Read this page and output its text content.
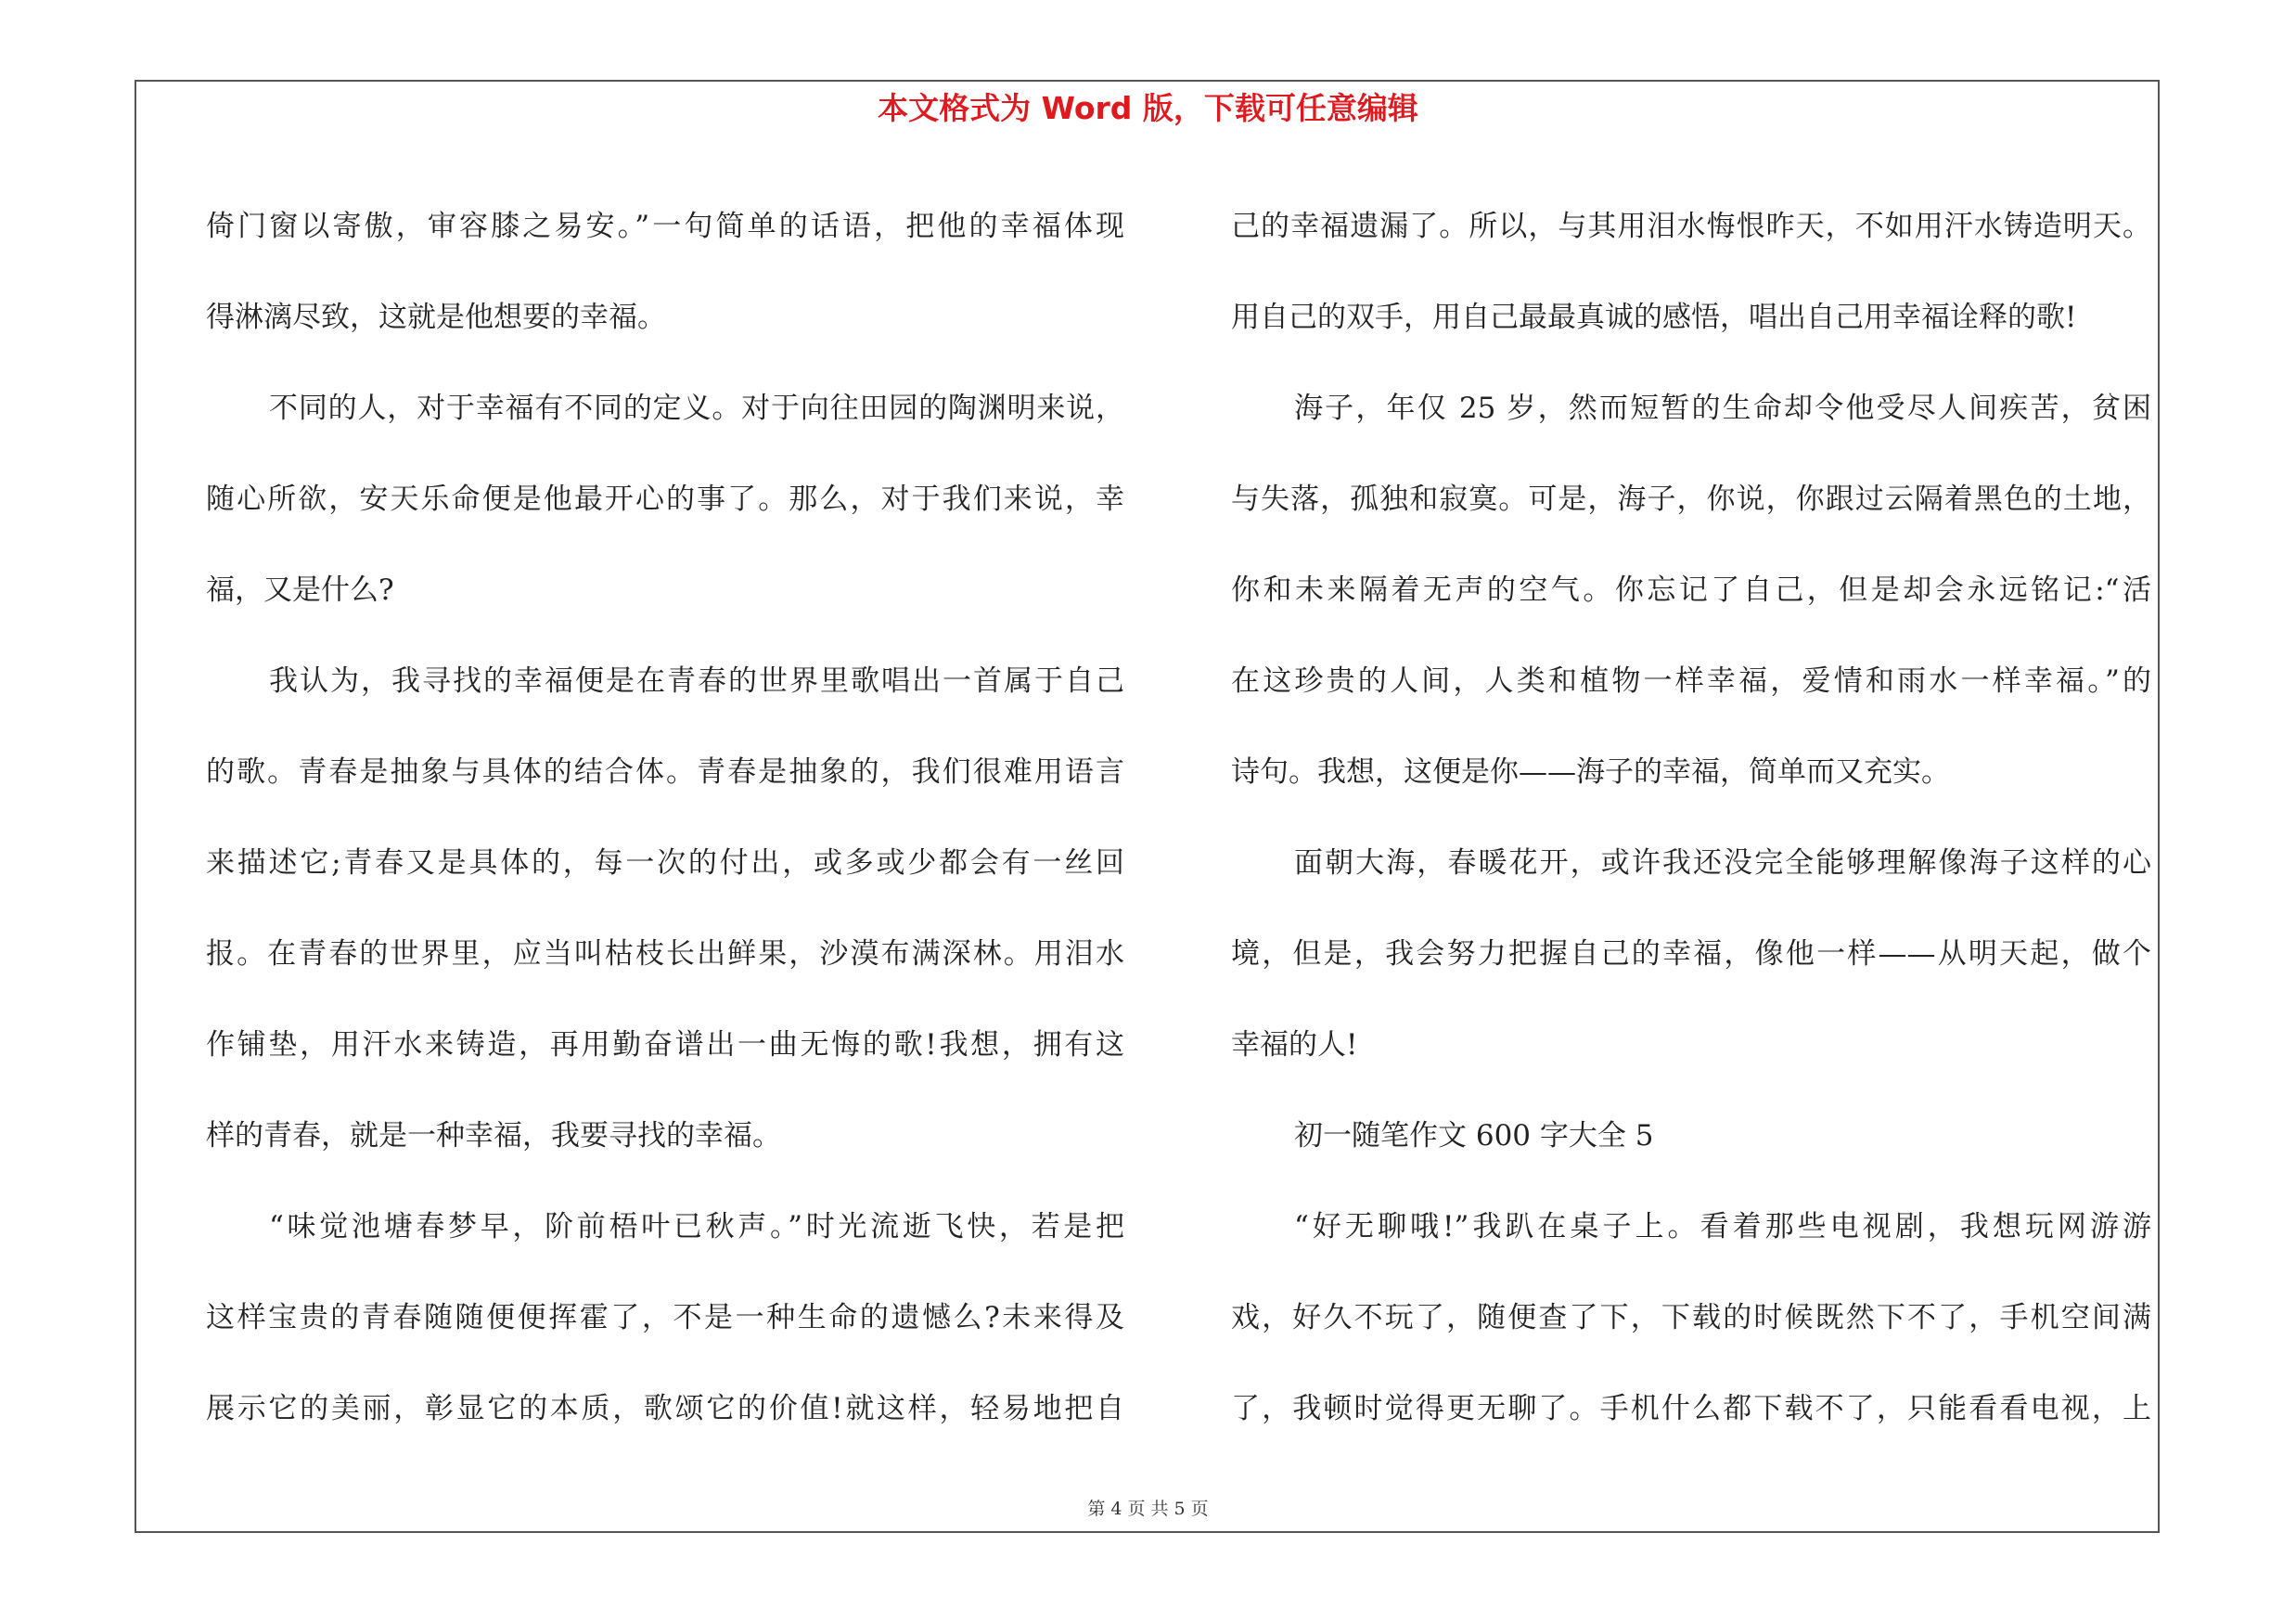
本文格式为 Word 版，下载可任意编辑

倚门窗以寄傲，审容膝之易安。”一句简单的话语，把他的幸福体现

得淋漓尽致，这就是他想要的幸福。

不同的人，对于幸福有不同的定义。对于向往田园的陶渊明来说，

随心所欲，安天乐命便是他最开心的事了。那么，对于我们来说，幸

福，又是什么?

我认为，我寻找的幸福便是在青春的世界里歌唱出一首属于自己

的歌。青春是抽象与具体的结合体。青春是抽象的，我们很难用语言

来描述它;青春又是具体的，每一次的付出，或多或少都会有一丝回

报。在青春的世界里，应当叫枯枝长出鲜果，沙漠布满深林。用泪水

作铺垫，用汗水来铸造，再用勤奋谱出一曲无悔的歌!我想，拥有这

样的青春，就是一种幸福，我要寻找的幸福。

“味觉池塘春梦早，阶前梧叶已秋声。”时光流逝飞快，若是把

这样宝贵的青春随随便便挥霍了，不是一种生命的遗憾么?未来得及

展示它的美丽，彰显它的本质，歌颂它的价值!就这样，轻易地把自

己的幸福遗漏了。所以，与其用泪水悔恨昨天，不如用汗水铸造明天。

用自己的双手，用自己最最真诚的感悟，唱出自己用幸福诠释的歌!

海子，年仅 25 岁，然而短暂的生命却令他受尽人间疾苦，贫困

与失落，孤独和寂寞。可是，海子，你说，你跟过云隔着黑色的土地，

你和未来隔着无声的空气。你忘记了自己，但是却会永远铭记:“活

在这珍贵的人间，人类和植物一样幸福，爱情和雨水一样幸福。”的

诗句。我想，这便是你——海子的幸福，简单而又充实。

面朝大海，春暖花开，或许我还没完全能够理解像海子这样的心

境，但是，我会努力把握自己的幸福，像他一样——从明天起，做个

幸福的人!

初一随笔作文 600 字大全 5

“好无聊哦!”我趴在桌子上。看着那些电视剧，我想玩网游游

戏，好久不玩了，随便查了下，下载的时候既然下不了，手机空间满

了，我顿时觉得更无聊了。手机什么都下载不了，只能看看电视，上

第 4 页 共 5 页
